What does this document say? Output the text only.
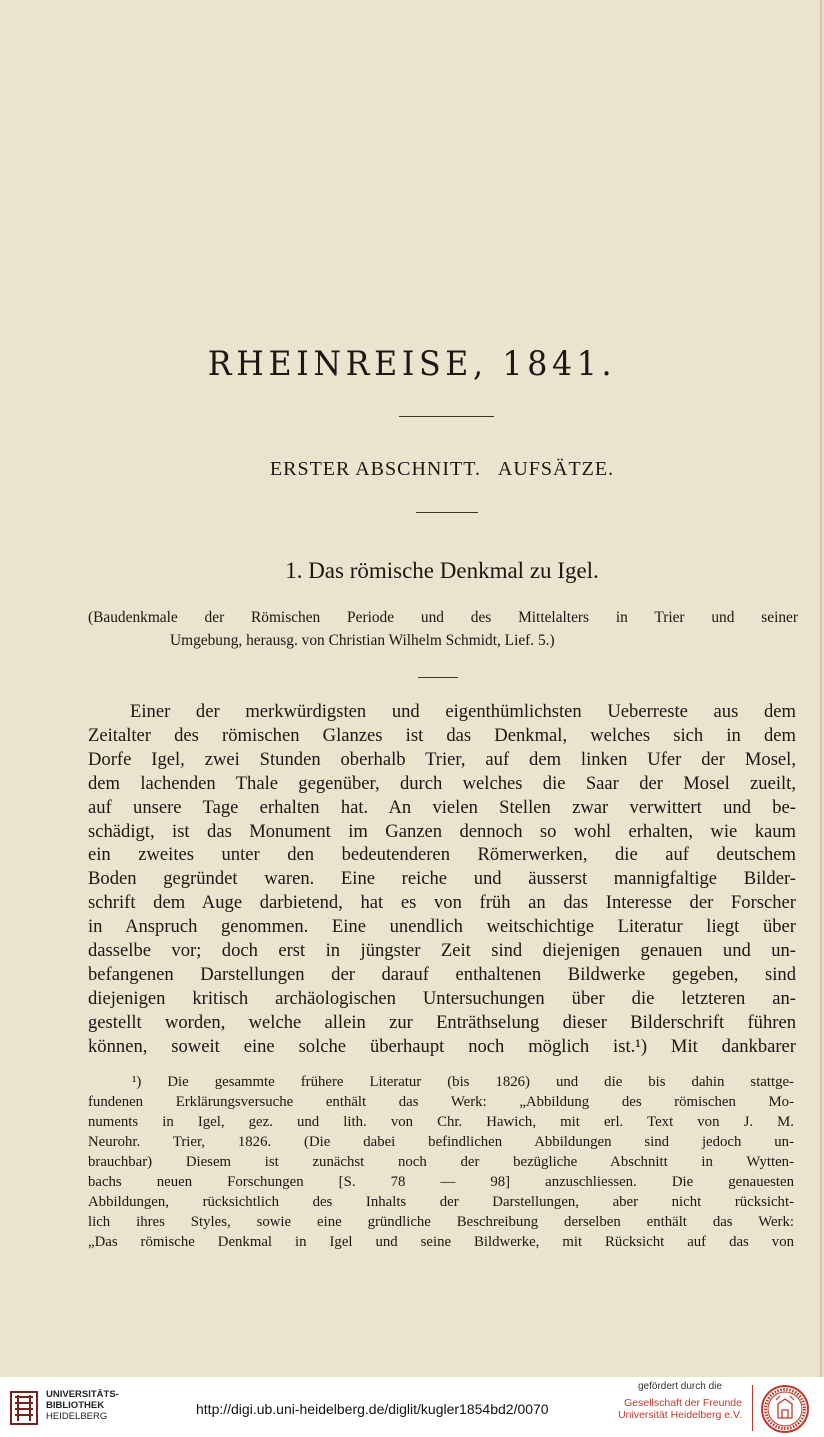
RHEINREISE, 1841.
ERSTER ABSCHNITT.   AUFSÄTZE.
1. Das römische Denkmal zu Igel.
(Baudenkmale der Römischen Periode und des Mittelalters in Trier und seiner
Umgebung, herausg. von Christian Wilhelm Schmidt, Lief. 5.)
Einer der merkwürdigsten und eigenthümlichsten Ueberreste aus dem
Zeitalter des römischen Glanzes ist das Denkmal, welches sich in dem
Dorfe Igel, zwei Stunden oberhalb Trier, auf dem linken Ufer der Mosel,
dem lachenden Thale gegenüber, durch welches die Saar der Mosel zueilt,
auf unsere Tage erhalten hat. An vielen Stellen zwar verwittert und be-
schädigt, ist das Monument im Ganzen dennoch so wohl erhalten, wie kaum
ein zweites unter den bedeutenderen Römerwerken, die auf deutschem
Boden gegründet waren. Eine reiche und äusserst mannigfaltige Bilder-
schrift dem Auge darbietend, hat es von früh an das Interesse der Forscher
in Anspruch genommen. Eine unendlich weitschichtige Literatur liegt über
dasselbe vor; doch erst in jüngster Zeit sind diejenigen genauen und un-
befangenen Darstellungen der darauf enthaltenen Bildwerke gegeben, sind
diejenigen kritisch archäologischen Untersuchungen über die letzteren an-
gestellt worden, welche allein zur Enträthselung dieser Bilderschrift führen
können, soweit eine solche überhaupt noch möglich ist.¹) Mit dankbarer
¹) Die gesammte frühere Literatur (bis 1826) und die bis dahin stattge-
fundenen Erklärungsversuche enthält das Werk: „Abbildung des römischen Mo-
numents in Igel, gez. und lith. von Chr. Hawich, mit erl. Text von J. M.
Neurohr. Trier, 1826. (Die dabei befindlichen Abbildungen sind jedoch un-
brauchbar) Diesem ist zunächst noch der bezügliche Abschnitt in Wytten-
bachs neuen Forschungen [S. 78 — 98] anzuschliessen. Die genauesten
Abbildungen, rücksichtlich des Inhalts der Darstellungen, aber nicht rücksicht-
lich ihres Styles, sowie eine gründliche Beschreibung derselben enthält das Werk:
„Das römische Denkmal in Igel und seine Bildwerke, mit Rücksicht auf das von
UNIVERSITÄTS-
BIBLIOTHEK
HEIDELBERG	http://digi.ub.uni-heidelberg.de/diglit/kugler1854bd2/0070
gefördert durch die
Gesellschaft der Freunde
Universität Heidelberg e.V.
